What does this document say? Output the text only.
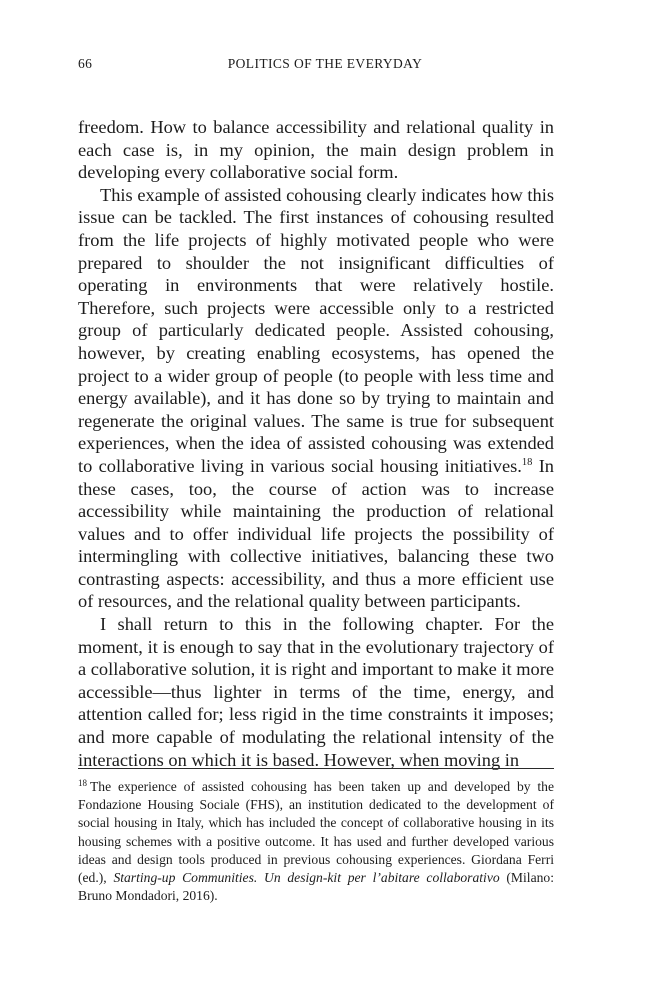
66	POLITICS OF THE EVERYDAY

freedom. How to balance accessibility and relational quality in each case is, in my opinion, the main design problem in developing every collaborative social form.

This example of assisted cohousing clearly indicates how this issue can be tackled. The first instances of cohousing resulted from the life projects of highly motivated people who were prepared to shoulder the not insignificant difficulties of operating in environments that were relatively hostile. Therefore, such projects were accessible only to a restricted group of particularly dedicated people. Assisted cohousing, however, by creating enabling ecosystems, has opened the project to a wider group of people (to people with less time and energy available), and it has done so by trying to maintain and regenerate the original values. The same is true for subsequent experiences, when the idea of assisted cohousing was extended to collaborative living in various social housing initiatives.$^{18}$ In these cases, too, the course of action was to increase accessibility while maintaining the production of relational values and to offer individual life projects the possibility of intermingling with collective initiatives, balancing these two contrasting aspects: accessibility, and thus a more efficient use of resources, and the relational quality between participants.

I shall return to this in the following chapter. For the moment, it is enough to say that in the evolutionary trajectory of a collaborative solution, it is right and important to make it more accessible—thus lighter in terms of the time, energy, and attention called for; less rigid in the time constraints it imposes; and more capable of modulating the relational intensity of the interactions on which it is based. However, when moving in

$^{18}$ The experience of assisted cohousing has been taken up and developed by the Fondazione Housing Sociale (FHS), an institution dedicated to the development of social housing in Italy, which has included the concept of collaborative housing in its housing schemes with a positive outcome. It has used and further developed various ideas and design tools produced in previous cohousing experiences. Giordana Ferri (ed.), Starting-up Communities. Un design-kit per l’abitare collaborativo (Milano: Bruno Mondadori, 2016).
